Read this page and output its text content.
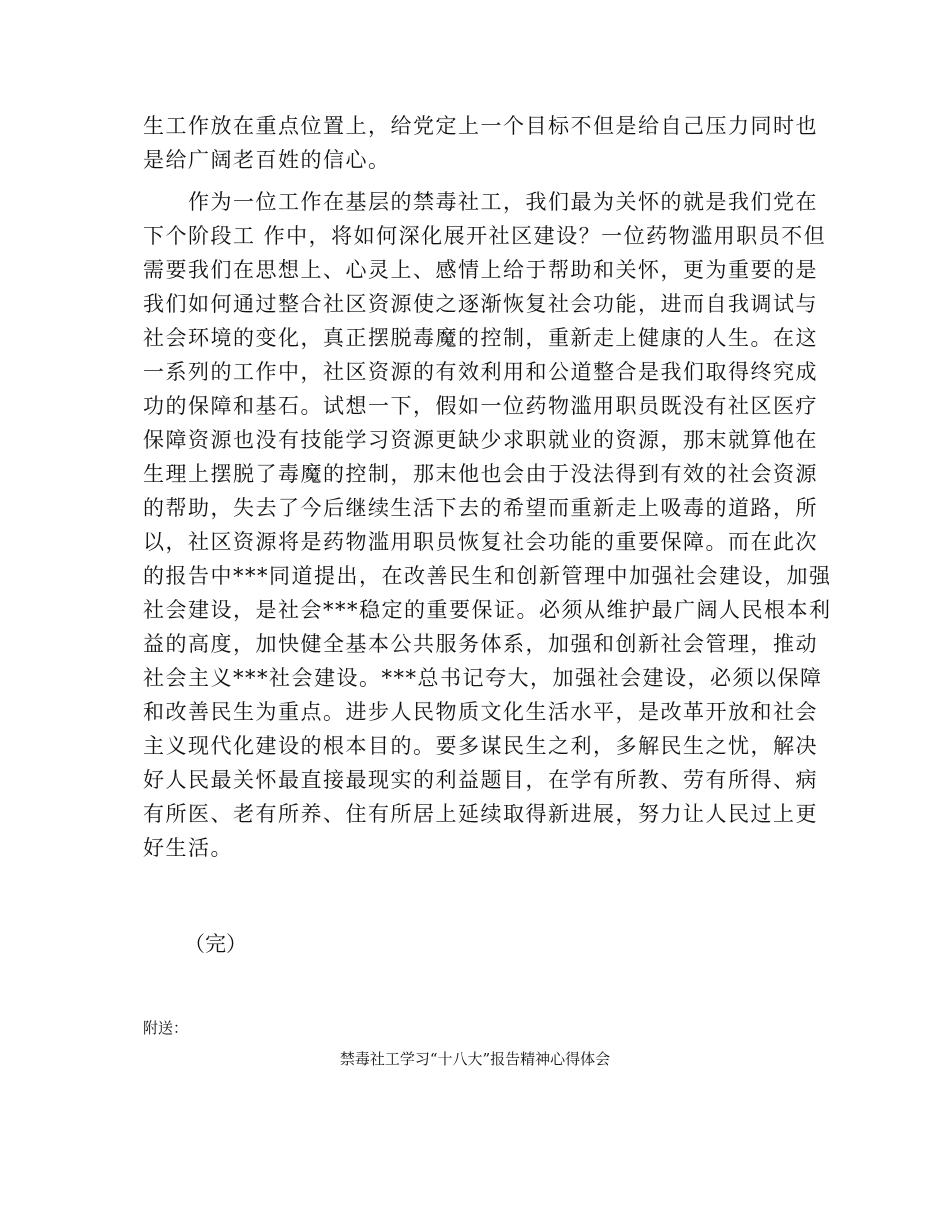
生工作放在重点位置上，给党定上一个目标不但是给自己压力同时也
是给广阔老百姓的信心。
作为一位工作在基层的禁毒社工，我们最为关怀的就是我们党在
下个阶段工 作中，将如何深化展开社区建设？一位药物滥用职员不但
需要我们在思想上、心灵上、感情上给于帮助和关怀，更为重要的是
我们如何通过整合社区资源使之逐渐恢复社会功能，进而自我调试与
社会环境的变化，真正摆脱毒魔的控制，重新走上健康的人生。在这
一系列的工作中，社区资源的有效利用和公道整合是我们取得终究成
功的保障和基石。试想一下，假如一位药物滥用职员既没有社区医疗
保障资源也没有技能学习资源更缺少求职就业的资源，那末就算他在
生理上摆脱了毒魔的控制，那末他也会由于没法得到有效的社会资源
的帮助，失去了今后继续生活下去的希望而重新走上吸毒的道路，所
以，社区资源将是药物滥用职员恢复社会功能的重要保障。而在此次
的报告中***同道提出，在改善民生和创新管理中加强社会建设，加强
社会建设，是社会***稳定的重要保证。必须从维护最广阔人民根本利
益的高度，加快健全基本公共服务体系，加强和创新社会管理，推动
社会主义***社会建设。***总书记夸大，加强社会建设，必须以保障
和改善民生为重点。进步人民物质文化生活水平，是改革开放和社会
主义现代化建设的根本目的。要多谋民生之利，多解民生之忧，解决
好人民最关怀最直接最现实的利益题目，在学有所教、劳有所得、病
有所医、老有所养、住有所居上延续取得新进展，努力让人民过上更
好生活。
（完）
附送：
禁毒社工学习“十八大”报告精神心得体会
